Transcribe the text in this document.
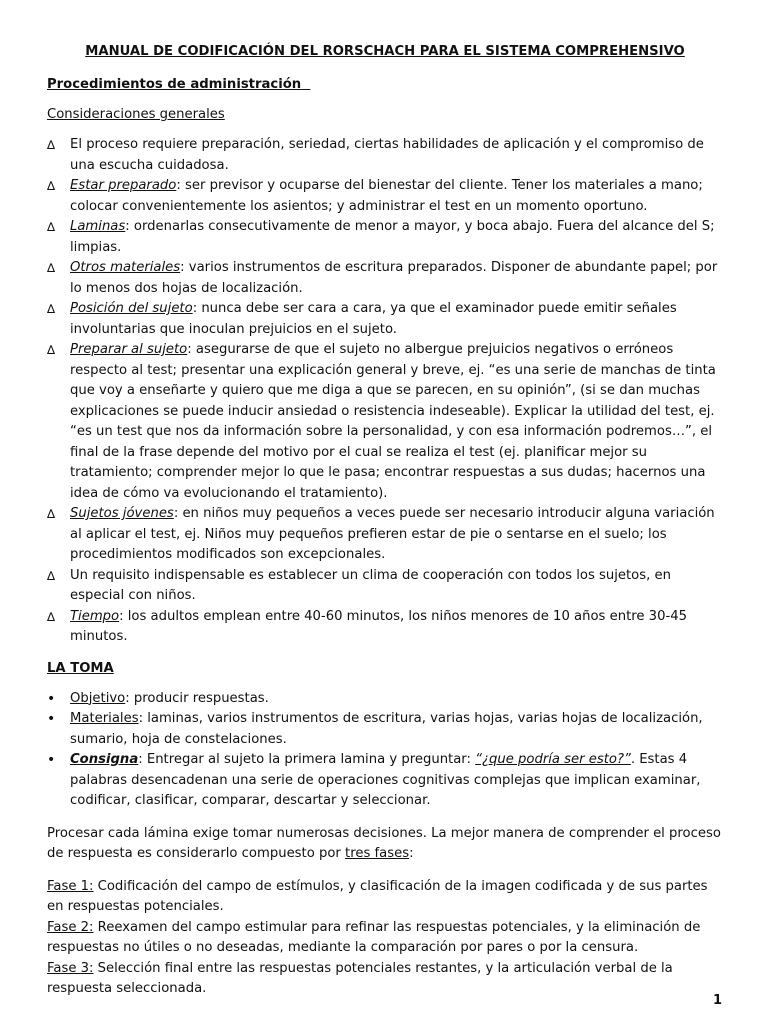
MANUAL DE CODIFICACIÓN DEL RORSCHACH PARA EL SISTEMA COMPREHENSIVO
Procedimientos de administración
Consideraciones generales
∆ El proceso requiere preparación, seriedad, ciertas habilidades de aplicación y el compromiso de una escucha cuidadosa.
∆ Estar preparado: ser previsor y ocuparse del bienestar del cliente. Tener los materiales a mano; colocar convenientemente los asientos; y administrar el test en un momento oportuno.
∆ Laminas: ordenarlas consecutivamente de menor a mayor, y boca abajo. Fuera del alcance del S; limpias.
∆ Otros materiales: varios instrumentos de escritura preparados. Disponer de abundante papel; por lo menos dos hojas de localización.
∆ Posición del sujeto: nunca debe ser cara a cara, ya que el examinador puede emitir señales involuntarias que inoculan prejuicios en el sujeto.
∆ Preparar al sujeto: asegurarse de que el sujeto no albergue prejuicios negativos o erróneos respecto al test; presentar una explicación general y breve, ej. “es una serie de manchas de tinta que voy a enseñarte y quiero que me diga a que se parecen, en su opinión”, (si se dan muchas explicaciones se puede inducir ansiedad o resistencia indeseable). Explicar la utilidad del test, ej. “es un test que nos da información sobre la personalidad, y con esa información podremos…”, el final de la frase depende del motivo por el cual se realiza el test (ej. planificar mejor su tratamiento; comprender mejor lo que le pasa; encontrar respuestas a sus dudas; hacernos una idea de cómo va evolucionando el tratamiento).
∆ Sujetos jóvenes: en niños muy pequeños a veces puede ser necesario introducir alguna variación al aplicar el test, ej. Niños muy pequeños prefieren estar de pie o sentarse en el suelo; los procedimientos modificados son excepcionales.
∆ Un requisito indispensable es establecer un clima de cooperación con todos los sujetos, en especial con niños.
∆ Tiempo: los adultos emplean entre 40-60 minutos, los niños menores de 10 años entre 30-45 minutos.
LA TOMA
• Objetivo: producir respuestas.
• Materiales: laminas, varios instrumentos de escritura, varias hojas, varias hojas de localización, sumario, hoja de constelaciones.
• Consigna: Entregar al sujeto la primera lamina y preguntar: “¿que podría ser esto?”. Estas 4 palabras desencadenan una serie de operaciones cognitivas complejas que implican examinar, codificar, clasificar, comparar, descartar y seleccionar.

Procesar cada lámina exige tomar numerosas decisiones. La mejor manera de comprender el proceso de respuesta es considerarlo compuesto por tres fases:

Fase 1: Codificación del campo de estímulos, y clasificación de la imagen codificada y de sus partes en respuestas potenciales.

Fase 2: Reexamen del campo estimular para refinar las respuestas potenciales, y la eliminación de respuestas no útiles o no deseadas, mediante la comparación por pares o por la censura.

Fase 3: Selección final entre las respuestas potenciales restantes, y la articulación verbal de la respuesta seleccionada.

1
